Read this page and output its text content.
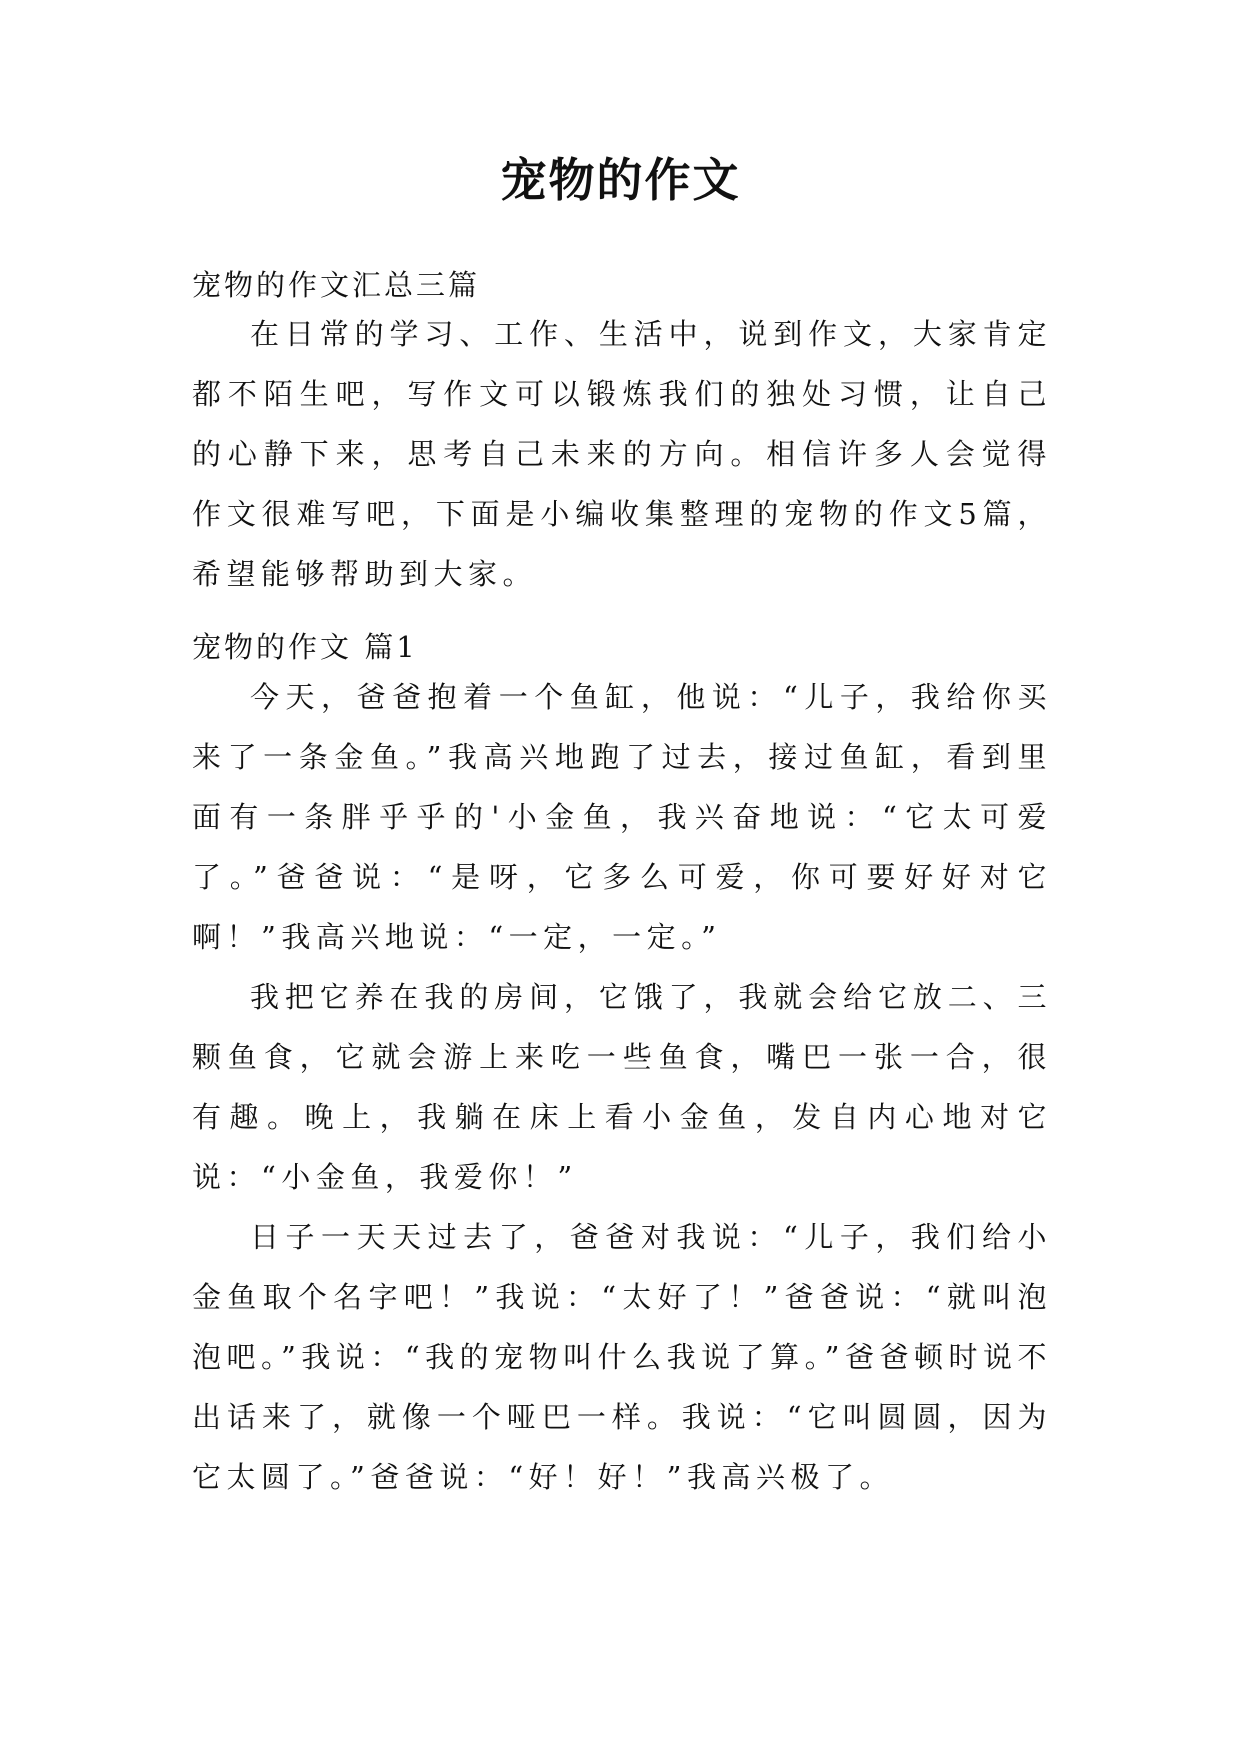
宠物的作文
宠物的作文汇总三篇

在日常的学习、工作、生活中，说到作文，大家肯定都不陌生吧，写作文可以锻炼我们的独处习惯，让自己的心静下来，思考自己未来的方向。相信许多人会觉得作文很难写吧，下面是小编收集整理的宠物的作文5篇，希望能够帮助到大家。

宠物的作文 篇1

今天，爸爸抱着一个鱼缸，他说：“儿子，我给你买来了一条金鱼。”我高兴地跑了过去，接过鱼缸，看到里面有一条胖乎乎的'小金鱼，我兴奋地说：“它太可爱了。”爸爸说：“是呀，它多么可爱，你可要好好对它啊！”我高兴地说：“一定，一定。”

我把它养在我的房间，它饿了，我就会给它放二、三颗鱼食，它就会游上来吃一些鱼食，嘴巴一张一合，很有趣。晚上，我躺在床上看小金鱼，发自内心地对它说：“小金鱼，我爱你！”

日子一天天过去了，爸爸对我说：“儿子，我们给小金鱼取个名字吧！”我说：“太好了！”爸爸说：“就叫泡泡吧。”我说：“我的宠物叫什么我说了算。”爸爸顿时说不出话来了，就像一个哑巴一样。我说：“它叫圆圆，因为它太圆了。”爸爸说：“好！好！”我高兴极了。
